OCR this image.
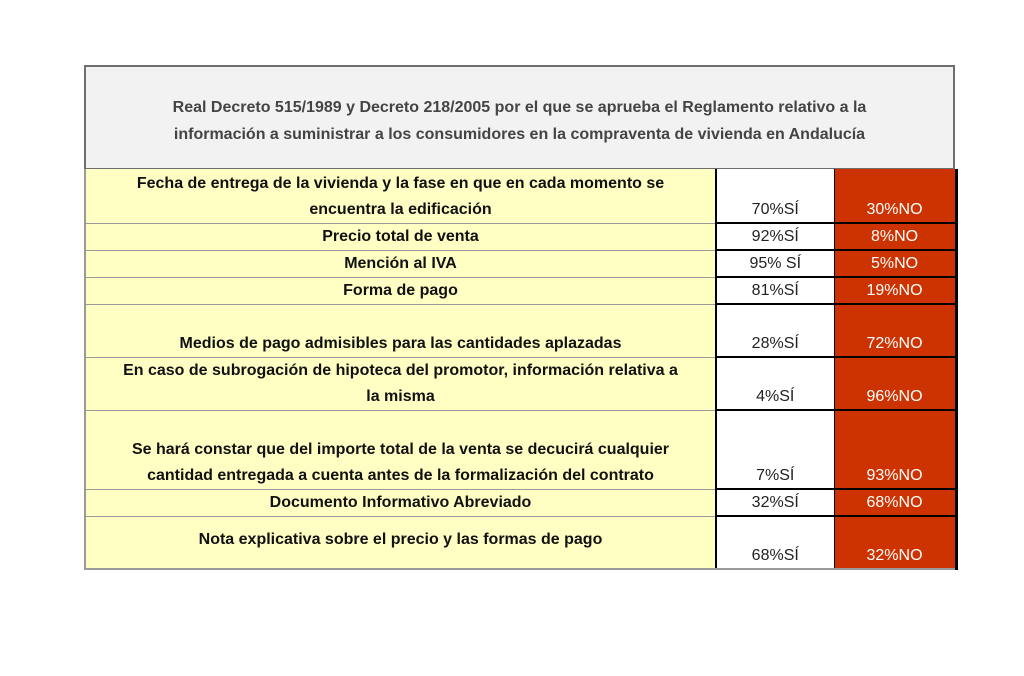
Real Decreto 515/1989 y Decreto 218/2005 por el que se aprueba el Reglamento relativo a la
información a suministrar a los consumidores en la compraventa de vivienda en Andalucía
Fecha de entrega de la vivienda y la fase en que en cada momento se
encuentra la edificación	70%SÍ	30%NO
Precio total de venta	92%SÍ	8%NO
Mención al IVA	95% SÍ	5%NO
Forma de pago	81%SÍ	19%NO
Medios de pago admisibles para las cantidades aplazadas	28%SÍ	72%NO

En caso de subrogación de hipoteca del promotor, información relativa a
la misma	4%SÍ	96%NO

Se hará constar que del importe total de la venta se decucirá cualquier
cantidad entregada a cuenta antes de la formalización del contrato	7%SÍ	93%NO
Documento Informativo Abreviado	32%SÍ	68%NO
Nota explicativa sobre el precio y las formas de pago	68%SÍ	32%NO
